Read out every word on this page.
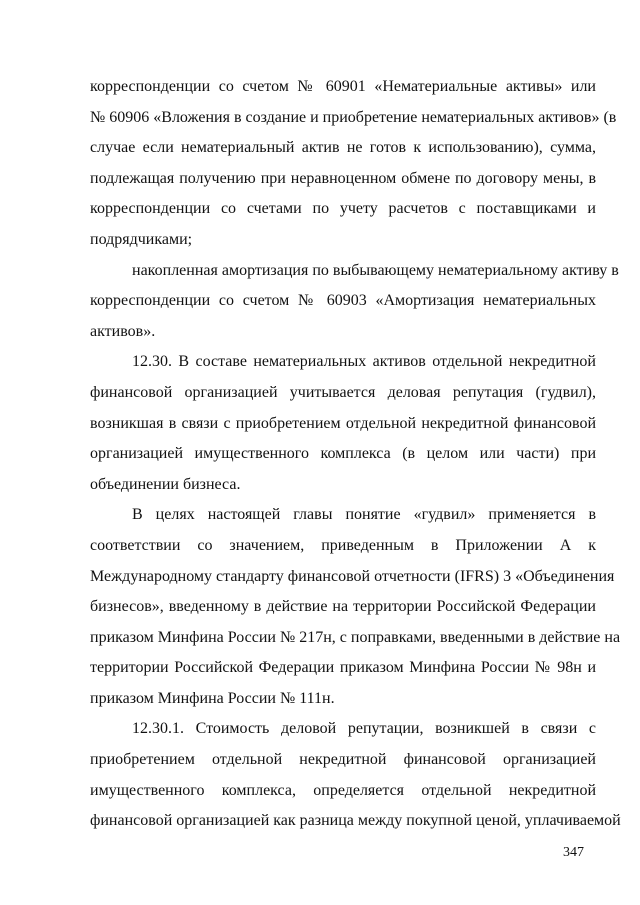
корреспонденции со счетом № 60901 «Нематериальные активы» или
№ 60906 «Вложения в создание и приобретение нематериальных активов» (в
случае если нематериальный актив не готов к использованию), сумма,
подлежащая получению при неравноценном обмене по договору мены, в
корреспонденции со счетами по учету расчетов с поставщиками и
подрядчиками;
накопленная амортизация по выбывающему нематериальному активу в
корреспонденции со счетом № 60903 «Амортизация нематериальных
активов».
12.30. В составе нематериальных активов отдельной некредитной
финансовой организацией учитывается деловая репутация (гудвил),
возникшая в связи с приобретением отдельной некредитной финансовой
организацией имущественного комплекса (в целом или части) при
объединении бизнеса.
В целях настоящей главы понятие «гудвил» применяется в
соответствии со значением, приведенным в Приложении А к
Международному стандарту финансовой отчетности (IFRS) 3 «Объединения
бизнесов», введенному в действие на территории Российской Федерации
приказом Минфина России № 217н, с поправками, введенными в действие на
территории Российской Федерации приказом Минфина России № 98н и
приказом Минфина России № 111н.
12.30.1. Стоимость деловой репутации, возникшей в связи с
приобретением отдельной некредитной финансовой организацией
имущественного комплекса, определяется отдельной некредитной
финансовой организацией как разница между покупной ценой, уплачиваемой
347
